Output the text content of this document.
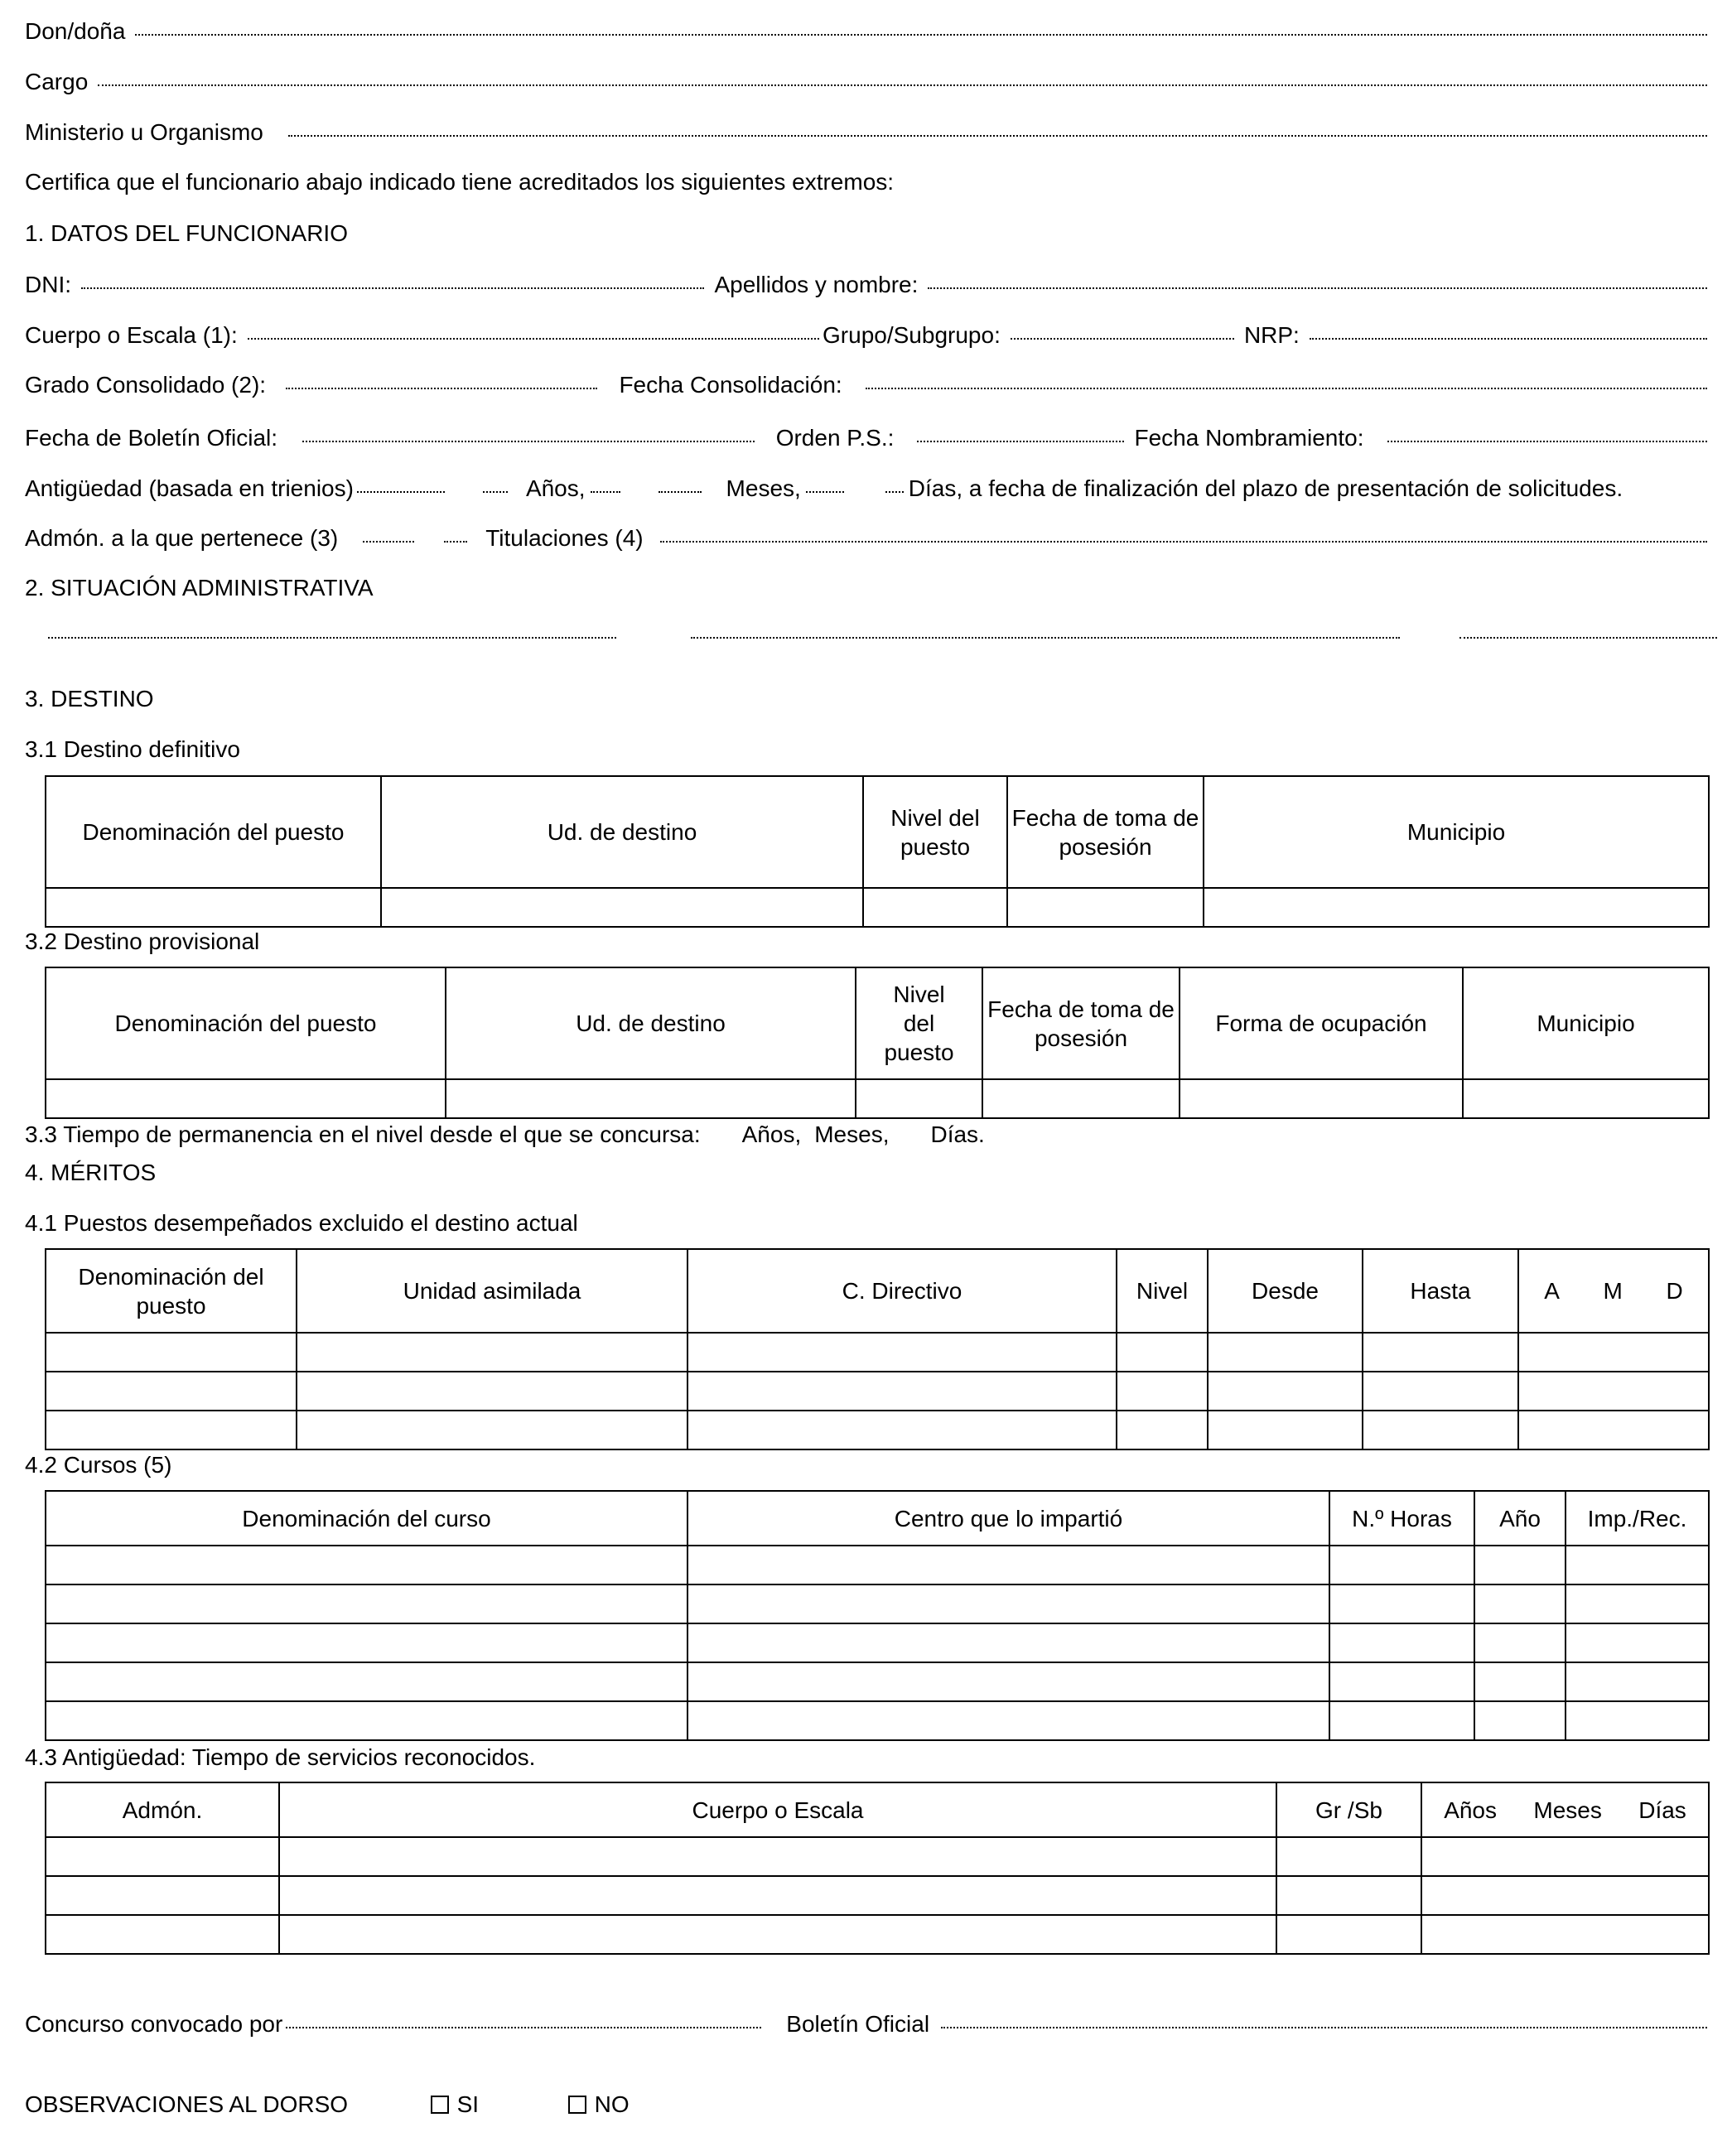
Don/doña
Cargo
Ministerio u Organismo
Certifica que el funcionario abajo indicado tiene acreditados los siguientes extremos:
1. DATOS DEL FUNCIONARIO
DNI:	Apellidos y nombre:
Cuerpo o Escala (1):	Grupo/Subgrupo:	NRP:
Grado Consolidado (2):	Fecha Consolidación:
Fecha de Boletín Oficial:	Orden P.S.:	Fecha Nombramiento:
Antigüedad (basada en trienios)	Años,	Meses,	Días, a fecha de finalización del plazo de presentación de solicitudes.
Admón. a la que pertenece (3)	Titulaciones (4)
2. SITUACIÓN ADMINISTRATIVA
3. DESTINO
3.1 Destino definitivo
Denominación del puesto	Ud. de destino	Nivel del puesto	Fecha de toma de posesión	Municipio

3.2 Destino provisional
Denominación del puesto	Ud. de destino	Nivel del puesto	Fecha de toma de posesión	Forma de ocupación	Municipio

3.3 Tiempo de permanencia en el nivel desde el que se concursa: Años, Meses, Días.
4. MÉRITOS
4.1 Puestos desempeñados excluido el destino actual
Denominación del puesto	Unidad asimilada	C. Directivo	Nivel	Desde	Hasta	A M D

4.2 Cursos (5)
Denominación del curso	Centro que lo impartió	N.º Horas	Año	Imp./Rec.

4.3 Antigüedad: Tiempo de servicios reconocidos.
Admón.	Cuerpo o Escala	Gr /Sb	Años Meses Días

Concurso convocado por	Boletín Oficial
OBSERVACIONES AL DORSO	SI	NO
